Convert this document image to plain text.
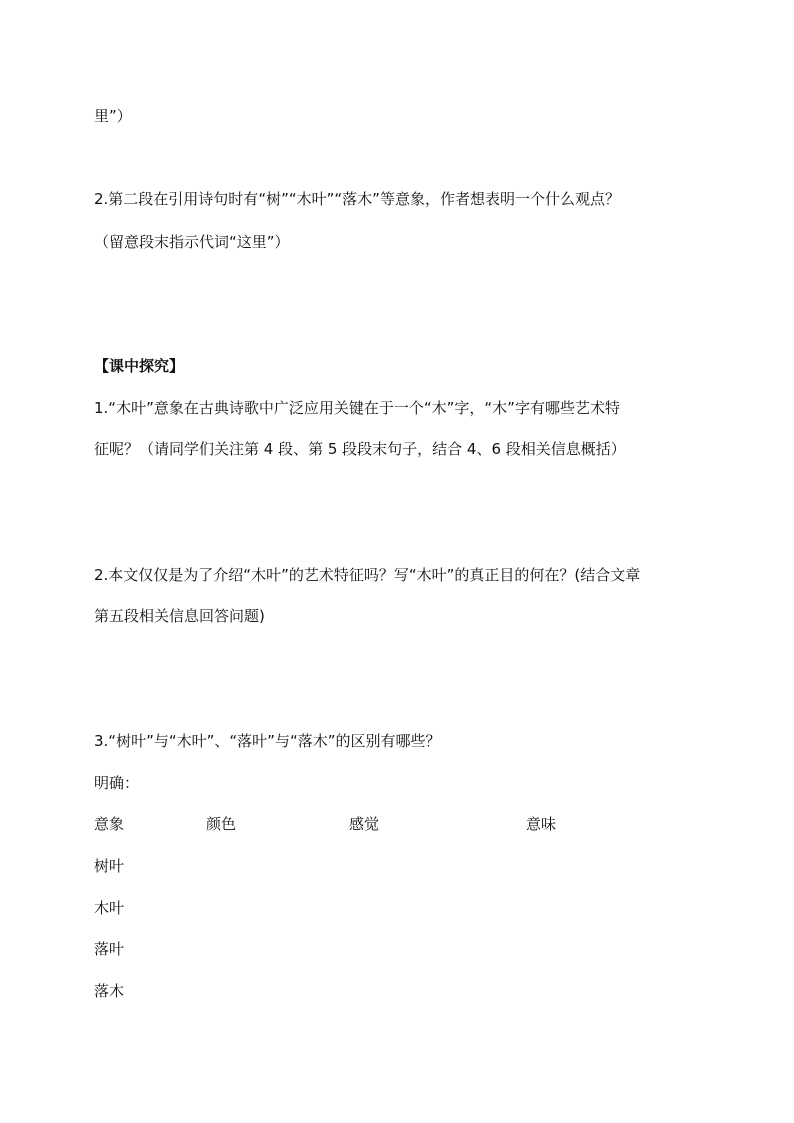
里”）
2.第二段在引用诗句时有“树”“木叶”“落木”等意象，作者想表明一个什么观点？
（留意段末指示代词“这里”）
【课中探究】
1.“木叶”意象在古典诗歌中广泛应用关键在于一个“木”字，“木”字有哪些艺术特
征呢？（请同学们关注第 4 段、第 5 段段末句子，结合 4、6 段相关信息概括）
2.本文仅仅是为了介绍“木叶”的艺术特征吗？写“木叶”的真正目的何在？(结合文章
第五段相关信息回答问题)
3.“树叶”与“木叶”、“落叶”与“落木”的区别有哪些？
明确：
意象	颜色	感觉	意味
树叶
木叶
落叶
落木
